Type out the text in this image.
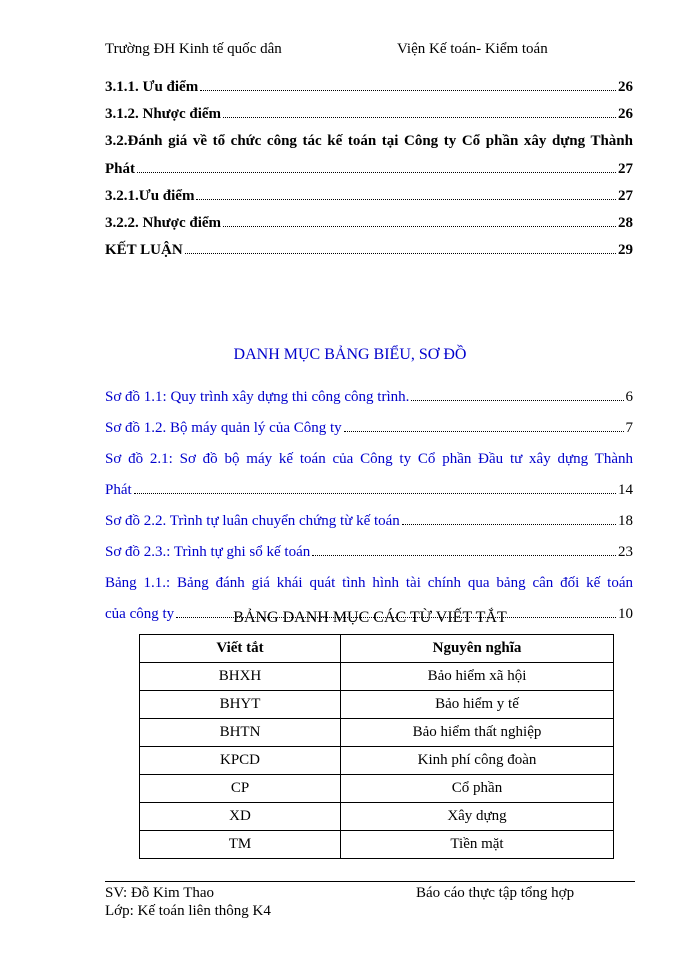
Trường ĐH Kinh tế quốc dân	Viện Kế toán- Kiểm toán
3.1.1. Ưu điểm	26
3.1.2. Nhược điểm	26
3.2.Đánh giá về tổ chức công tác kế toán tại Công ty Cổ phần xây dựng Thành
Phát	27
3.2.1.Ưu điểm	27
3.2.2. Nhược điểm	28
KẾT LUẬN	29
DANH MỤC BẢNG BIỂU, SƠ ĐỒ
Sơ đồ 1.1: Quy trình xây dựng thi công công trình.	6
Sơ đồ 1.2. Bộ máy quản lý của Công ty	7
Sơ đồ 2.1: Sơ đồ bộ máy kế toán của Công ty Cổ phần Đầu tư xây dựng Thành
Phát	14
Sơ đồ 2.2. Trình tự luân chuyển chứng từ kế toán	18
Sơ đồ 2.3.: Trình tự ghi sổ kế toán	23
Bảng 1.1.: Bảng đánh giá khái quát tình hình tài chính qua bảng cân đối kế toán
của công ty	10
BẢNG DANH MỤC CÁC TỪ VIẾT TẮT
Viết tắt	Nguyên nghĩa
BHXH	Bảo hiểm xã hội
BHYT	Bảo hiểm y tế
BHTN	Bảo hiểm thất nghiệp
KPCD	Kinh phí công đoàn
CP	Cổ phần
XD	Xây dựng
TM	Tiền mặt
SV: Đỗ Kim Thao	Báo cáo thực tập tổng hợp
Lớp: Kế toán liên thông K4
